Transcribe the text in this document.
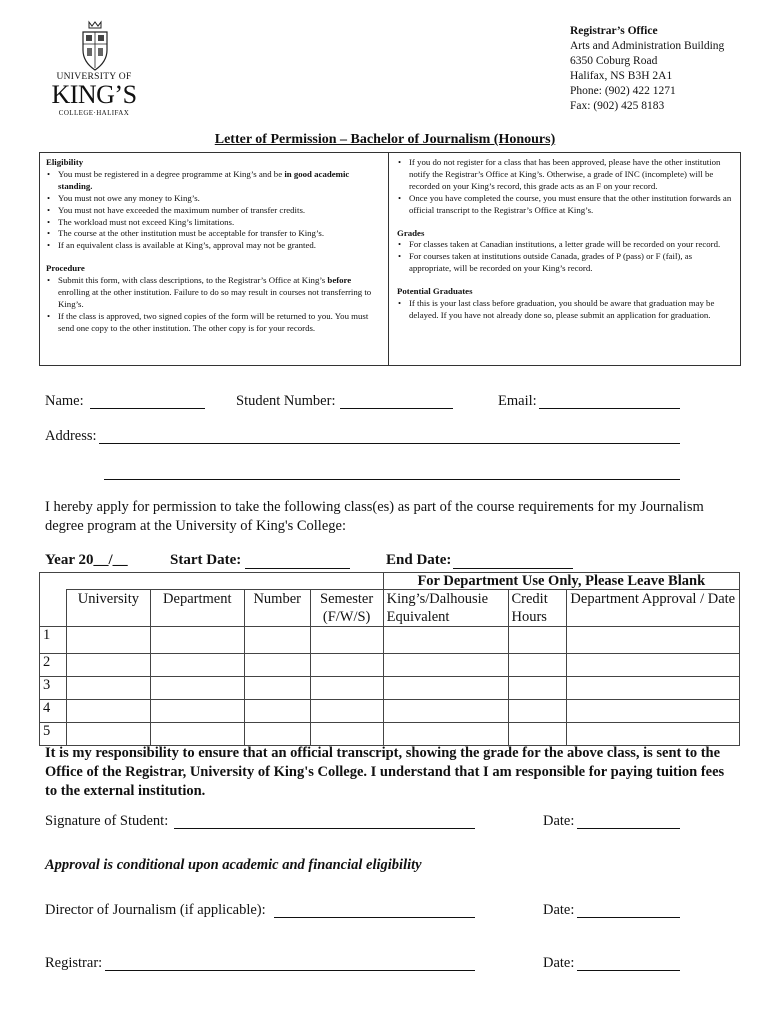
UNIVERSITY OF
KING’S
COLLEGE·HALIFAX
Registrar’s Office
Arts and Administration Building
6350 Coburg Road
Halifax, NS B3H 2A1
Phone: (902) 422 1271
Fax: (902) 425 8183
Letter of Permission – Bachelor of Journalism (Honours)
Eligibility
• You must be registered in a degree programme at King’s and be in good academic standing.
• You must not owe any money to King’s.
• You must not have exceeded the maximum number of transfer credits.
• The workload must not exceed King’s limitations.
• The course at the other institution must be acceptable for transfer to King’s.
• If an equivalent class is available at King’s, approval may not be granted.
Procedure
• Submit this form, with class descriptions, to the Registrar’s Office at King’s before enrolling at the other institution. Failure to do so may result in courses not transferring to King’s.
• If the class is approved, two signed copies of the form will be returned to you. You must send one copy to the other institution. The other copy is for your records.
• If you do not register for a class that has been approved, please have the other institution notify the Registrar’s Office at King’s. Otherwise, a grade of INC (incomplete) will be recorded on your King’s record, this grade acts as an F on your record.
• Once you have completed the course, you must ensure that the other institution forwards an official transcript to the Registrar’s Office at King’s.
Grades
• For classes taken at Canadian institutions, a letter grade will be recorded on your record.
• For courses taken at institutions outside Canada, grades of P (pass) or F (fail), as appropriate, will be recorded on your King’s record.
Potential Graduates
• If this is your last class before graduation, you should be aware that graduation may be delayed. If you have not already done so, please submit an application for graduation.
Name:	Student Number:	Email:
Address:
I hereby apply for permission to take the following class(es) as part of the course requirements for my Journalism degree program at the University of King's College:
Year 20__/__	Start Date:	End Date:
					For Department Use Only, Please Leave Blank		
	University	Department	Number	Semester (F/W/S)	King’s/Dalhousie Equivalent	Credit Hours	Department Approval / Date
1							
2							
3							
4							
5							
It is my responsibility to ensure that an official transcript, showing the grade for the above class, is sent to the Office of the Registrar, University of King's College. I understand that I am responsible for paying tuition fees to the external institution.
Signature of Student:	Date:
Approval is conditional upon academic and financial eligibility
Director of Journalism (if applicable):	Date:
Registrar:	Date:
